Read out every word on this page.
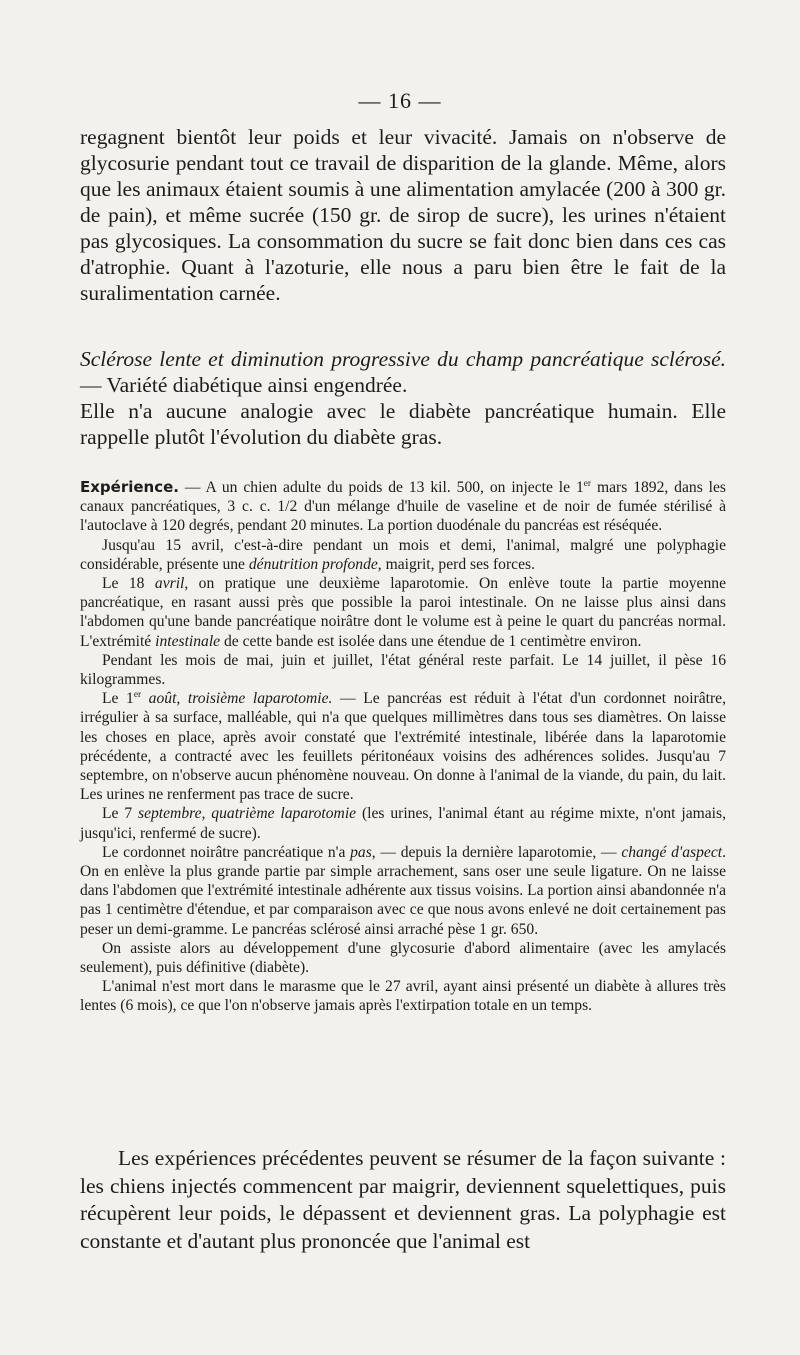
— 16 —

regagnent bientôt leur poids et leur vivacité. Jamais on n'observe de glycosurie pendant tout ce travail de disparition de la glande. Même, alors que les animaux étaient soumis à une alimentation amylacée (200 à 300 gr. de pain), et même sucrée (150 gr. de sirop de sucre), les urines n'étaient pas glycosiques. La consommation du sucre se fait donc bien dans ces cas d'atrophie. Quant à l'azoturie, elle nous a paru bien être le fait de la suralimentation carnée.

Sclérose lente et diminution progressive du champ pancréatique sclérosé. — Variété diabétique ainsi engendrée.

Elle n'a aucune analogie avec le diabète pancréatique humain. Elle rappelle plutôt l'évolution du diabète gras.

Expérience. — A un chien adulte du poids de 13 kil. 500, on injecte le 1er mars 1892, dans les canaux pancréatiques, 3 c. c. 1/2 d'un mélange d'huile de vaseline et de noir de fumée stérilisé à l'autoclave à 120 degrés, pendant 20 minutes. La portion duodénale du pancréas est réséquée.

Jusqu'au 15 avril, c'est-à-dire pendant un mois et demi, l'animal, malgré une polyphagie considérable, présente une dénutrition profonde, maigrit, perd ses forces.

Le 18 avril, on pratique une deuxième laparotomie. On enlève toute la partie moyenne pancréatique, en rasant aussi près que possible la paroi intestinale. On ne laisse plus ainsi dans l'abdomen qu'une bande pancréatique noirâtre dont le volume est à peine le quart du pancréas normal. L'extrémité intestinale de cette bande est isolée dans une étendue de 1 centimètre environ.

Pendant les mois de mai, juin et juillet, l'état général reste parfait. Le 14 juillet, il pèse 16 kilogrammes.

Le 1er août, troisième laparotomie. — Le pancréas est réduit à l'état d'un cordonnet noirâtre, irrégulier à sa surface, malléable, qui n'a que quelques millimètres dans tous ses diamètres. On laisse les choses en place, après avoir constaté que l'extrémité intestinale, libérée dans la laparotomie précédente, a contracté avec les feuillets péritonéaux voisins des adhérences solides. Jusqu'au 7 septembre, on n'observe aucun phénomène nouveau. On donne à l'animal de la viande, du pain, du lait. Les urines ne renferment pas trace de sucre.

Le 7 septembre, quatrième laparotomie (les urines, l'animal étant au régime mixte, n'ont jamais, jusqu'ici, renfermé de sucre).

Le cordonnet noirâtre pancréatique n'a pas, — depuis la dernière laparotomie, — changé d'aspect. On en enlève la plus grande partie par simple arrachement, sans oser une seule ligature. On ne laisse dans l'abdomen que l'extrémité intestinale adhérente aux tissus voisins. La portion ainsi abandonnée n'a pas 1 centimètre d'étendue, et par comparaison avec ce que nous avons enlevé ne doit certainement pas peser un demi-gramme. Le pancréas sclérosé ainsi arraché pèse 1 gr. 650.

On assiste alors au développement d'une glycosurie d'abord alimentaire (avec les amylacés seulement), puis définitive (diabète).

L'animal n'est mort dans le marasme que le 27 avril, ayant ainsi présenté un diabète à allures très lentes (6 mois), ce que l'on n'observe jamais après l'extirpation totale en un temps.

Les expériences précédentes peuvent se résumer de la façon suivante : les chiens injectés commencent par maigrir, deviennent squelettiques, puis récupèrent leur poids, le dépassent et deviennent gras. La polyphagie est constante et d'autant plus prononcée que l'animal est
